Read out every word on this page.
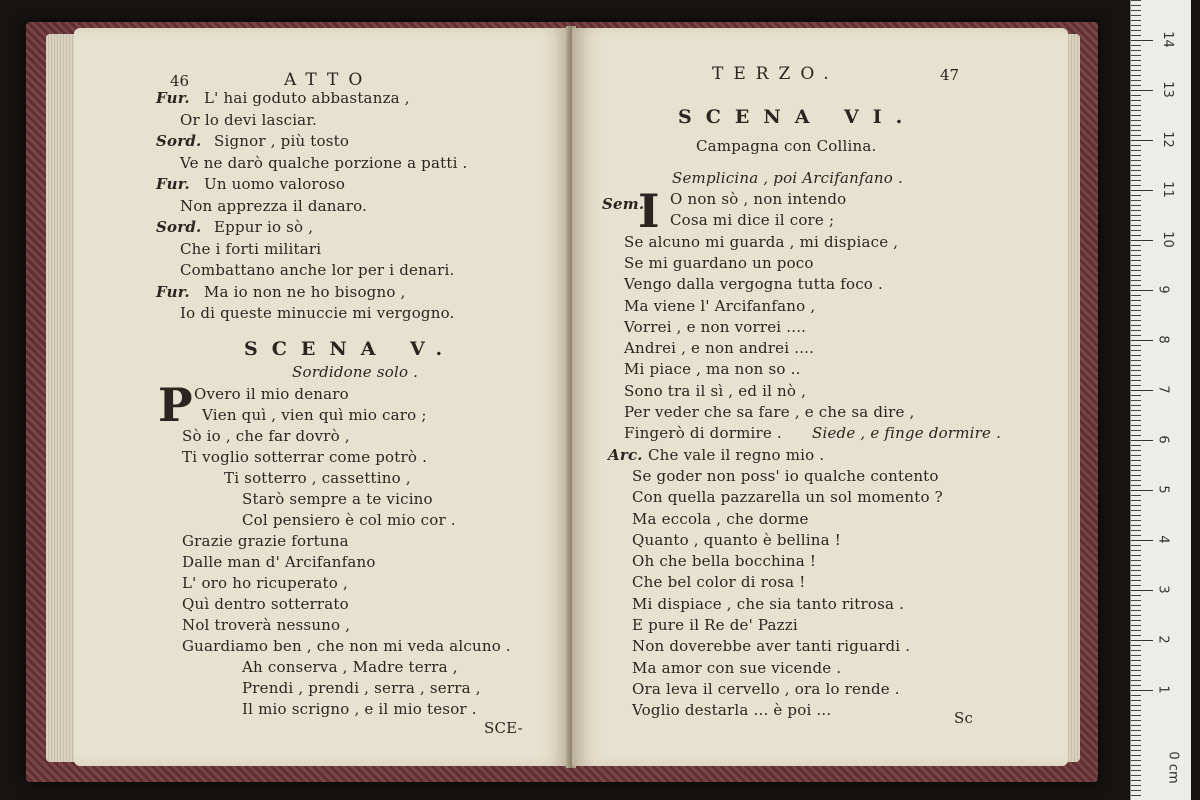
46	ATTO
Fur. L' hai goduto abbastanza ,
Or lo devi lasciar.
Sord. Signor , più tosto
Ve ne darò qualche porzione a patti .
Fur. Un uomo valoroso
Non apprezza il danaro.
Sord. Eppur io sò ,
Che i forti militari
Combattano anche lor per i denari.
Fur. Ma io non ne ho bisogno ,
Io di queste minuccie mi vergogno.
SCENA V.
Sordidone solo .
P Overo il mio denaro
Vien quì , vien quì mio caro ;
Sò io , che far dovrò ,
Ti voglio sotterrar come potrò .
Ti sotterro , cassettino ,
Starò sempre a te vicino
Col pensiero è col mio cor .
Grazie grazie fortuna
Dalle man d' Arcifanfano
L' oro ho ricuperato ,
Quì dentro sotterrato
Nol troverà nessuno ,
Guardiamo ben , che non mi veda alcuno .
Ah conserva , Madre terra ,
Prendi , prendi , serra , serra ,
Il mio scrigno , e il mio tesor .
SCE-
TERZO.	47
SCENA VI.
Campagna con Collina.
Semplicina , poi Arcifanfano .
Sem.
I O non sò , non intendo
Cosa mi dice il core ;
Se alcuno mi guarda , mi dispiace ,
Se mi guardano un poco
Vengo dalla vergogna tutta foco .
Ma viene l' Arcifanfano ,
Vorrei , e non vorrei ....
Andrei , e non andrei ....
Mi piace , ma non so ..
Sono tra il sì , ed il nò ,
Per veder che sa fare , e che sa dire ,
Fingerò di dormire . Siede , e finge dormire .
Arc. Che vale il regno mio .
Se goder non poss' io qualche contento
Con quella pazzarella un sol momento ?
Ma eccola , che dorme
Quanto , quanto è bellina !
Oh che bella bocchina !
Che bel color di rosa !
Mi dispiace , che sia tanto ritrosa .
E pure il Re de' Pazzi
Non doverebbe aver tanti riguardi .
Ma amor con sue vicende .
Ora leva il cervello , ora lo rende .
Voglio destarla ... è poi ...	Sc
0 cm
1
2
3
4
5
6
7
8
9
10
11
12
13
14
